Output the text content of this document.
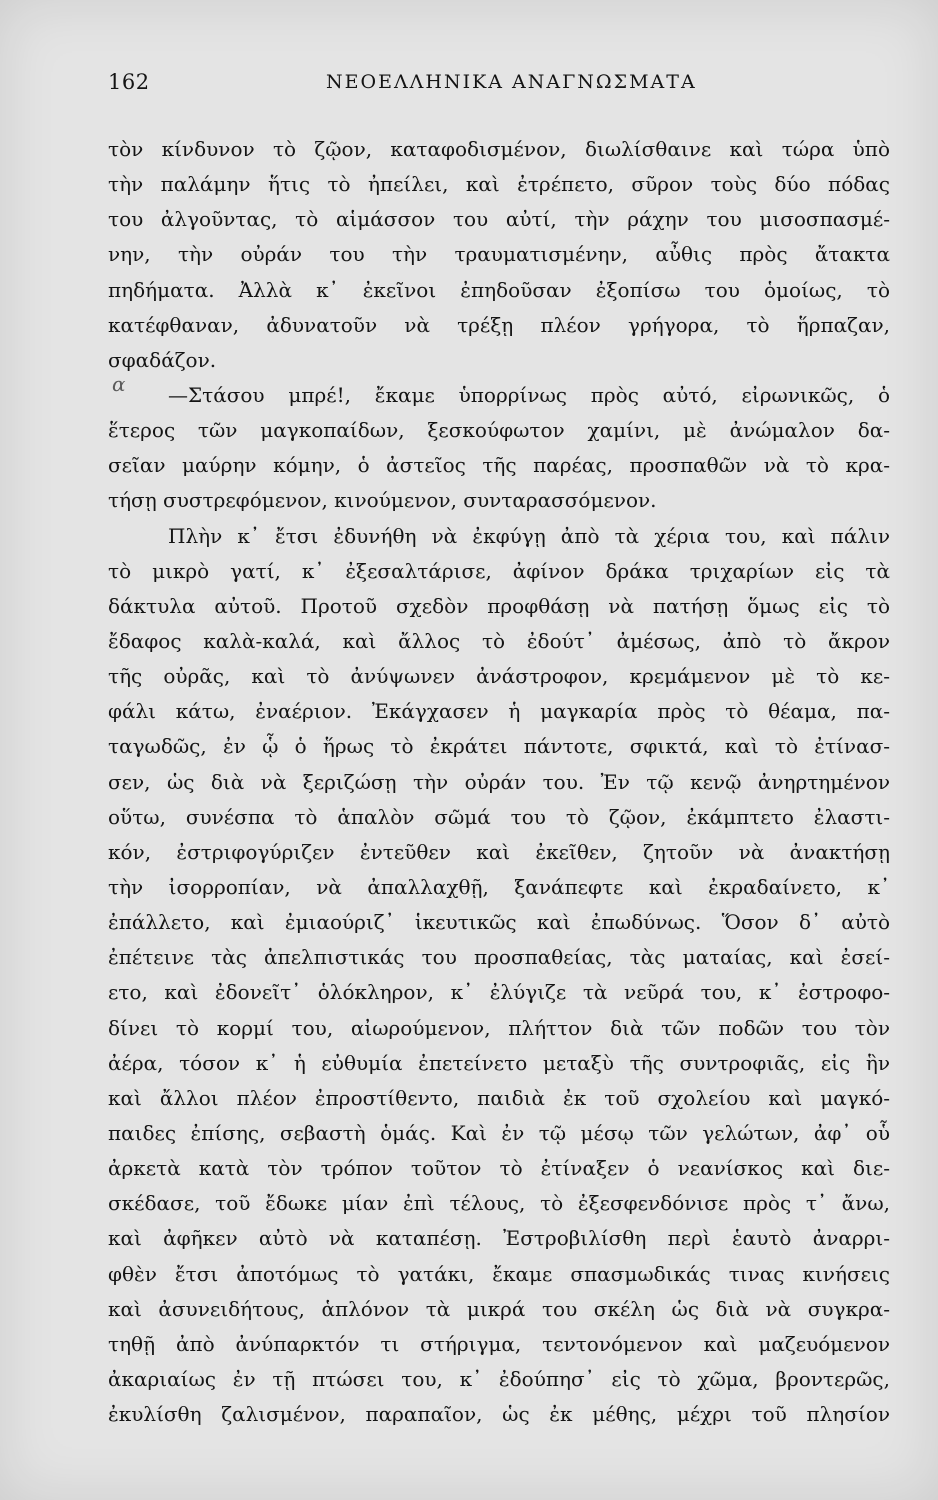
162	ΝΕΟΕΛΛΗΝΙΚΑ ΑΝΑΓΝΩΣΜΑΤΑ
α
τὸν κίνδυνον τὸ ζῷον, καταφοδισμένον, διωλίσθαινε καὶ τώρα ὑπὸ
τὴν παλάμην ἥτις τὸ ἠπείλει, καὶ ἐτρέπετο, σῦρον τοὺς δύο πόδας
του ἀλγοῦντας, τὸ αἱμάσσον του αὐτί, τὴν ράχην του μισοσπασμέ-
νην, τὴν οὐράν του τὴν τραυματισμένην, αὖθις πρὸς ἄτακτα
πηδήματα. Ἀλλὰ κ᾽ ἐκεῖνοι ἐπηδοῦσαν ἐξοπίσω του ὁμοίως, τὸ
κατέφθαναν, ἀδυνατοῦν νὰ τρέξῃ πλέον γρήγορα, τὸ ἥρπαζαν,
σφαδάζον.
—Στάσου μπρέ!, ἔκαμε ὑπορρίνως πρὸς αὐτό, εἰρωνικῶς, ὁ
ἕτερος τῶν μαγκοπαίδων, ξεσκούφωτον χαμίνι, μὲ ἀνώμαλον δα-
σεῖαν μαύρην κόμην, ὁ ἀστεῖος τῆς παρέας, προσπαθῶν νὰ τὸ κρα-
τήσῃ συστρεφόμενον, κινούμενον, συνταρασσόμενον.
Πλὴν κ᾽ ἔτσι ἐδυνήθη νὰ ἐκφύγῃ ἀπὸ τὰ χέρια του, καὶ πάλιν
τὸ μικρὸ γατί, κ᾽ ἐξεσαλτάρισε, ἀφίνον δράκα τριχαρίων εἰς τὰ
δάκτυλα αὐτοῦ. Προτοῦ σχεδὸν προφθάσῃ νὰ πατήσῃ ὅμως εἰς τὸ
ἔδαφος καλὰ-καλά, καὶ ἄλλος τὸ ἐδούτ᾽ ἀμέσως, ἀπὸ τὸ ἄκρον
τῆς οὐρᾶς, καὶ τὸ ἀνύψωνεν ἀνάστροφον, κρεμάμενον μὲ τὸ κε-
φάλι κάτω, ἐναέριον. Ἐκάγχασεν ἡ μαγκαρία πρὸς τὸ θέαμα, πα-
ταγωδῶς, ἐν ᾧ ὁ ἥρως τὸ ἐκράτει πάντοτε, σφικτά, καὶ τὸ ἐτίνασ-
σεν, ὡς διὰ νὰ ξεριζώσῃ τὴν οὐράν του. Ἐν τῷ κενῷ ἀνηρτημένον
οὕτω, συνέσπα τὸ ἁπαλὸν σῶμά του τὸ ζῷον, ἐκάμπτετο ἐλαστι-
κόν, ἐστριφογύριζεν ἐντεῦθεν καὶ ἐκεῖθεν, ζητοῦν νὰ ἀνακτήσῃ
τὴν ἰσορροπίαν, νὰ ἀπαλλαχθῇ, ξανάπεφτε καὶ ἐκραδαίνετο, κ᾽
ἐπάλλετο, καὶ ἐμιαούριζ᾽ ἱκευτικῶς καὶ ἐπωδύνως. Ὅσον δ᾽ αὐτὸ
ἐπέτεινε τὰς ἀπελπιστικάς του προσπαθείας, τὰς ματαίας, καὶ ἐσεί-
ετο, καὶ ἐδονεῖτ᾽ ὁλόκληρον, κ᾽ ἐλύγιζε τὰ νεῦρά του, κ᾽ ἐστροφο-
δίνει τὸ κορμί του, αἰωρούμενον, πλήττον διὰ τῶν ποδῶν του τὸν
ἀέρα, τόσον κ᾽ ἡ εὐθυμία ἐπετείνετο μεταξὺ τῆς συντροφιᾶς, εἰς ἣν
καὶ ἄλλοι πλέον ἐπροστίθεντο, παιδιὰ ἐκ τοῦ σχολείου καὶ μαγκό-
παιδες ἐπίσης, σεβαστὴ ὁμάς. Καὶ ἐν τῷ μέσῳ τῶν γελώτων, ἀφ᾽ οὗ
ἀρκετὰ κατὰ τὸν τρόπον τοῦτον τὸ ἐτίναξεν ὁ νεανίσκος καὶ διε-
σκέδασε, τοῦ ἔδωκε μίαν ἐπὶ τέλους, τὸ ἐξεσφενδόνισε πρὸς τ᾽ ἄνω,
καὶ ἀφῆκεν αὐτὸ νὰ καταπέσῃ. Ἐστροβιλίσθη περὶ ἑαυτὸ ἀναρρι-
φθὲν ἔτσι ἀποτόμως τὸ γατάκι, ἔκαμε σπασμωδικάς τινας κινήσεις
καὶ ἀσυνειδήτους, ἁπλόνον τὰ μικρά του σκέλη ὡς διὰ νὰ συγκρα-
τηθῇ ἀπὸ ἀνύπαρκτόν τι στήριγμα, τεντονόμενον καὶ μαζευόμενον
ἀκαριαίως ἐν τῇ πτώσει του, κ᾽ ἐδούπησ᾽ εἰς τὸ χῶμα, βροντερῶς,
ἐκυλίσθη ζαλισμένον, παραπαῖον, ὡς ἐκ μέθης, μέχρι τοῦ πλησίον
